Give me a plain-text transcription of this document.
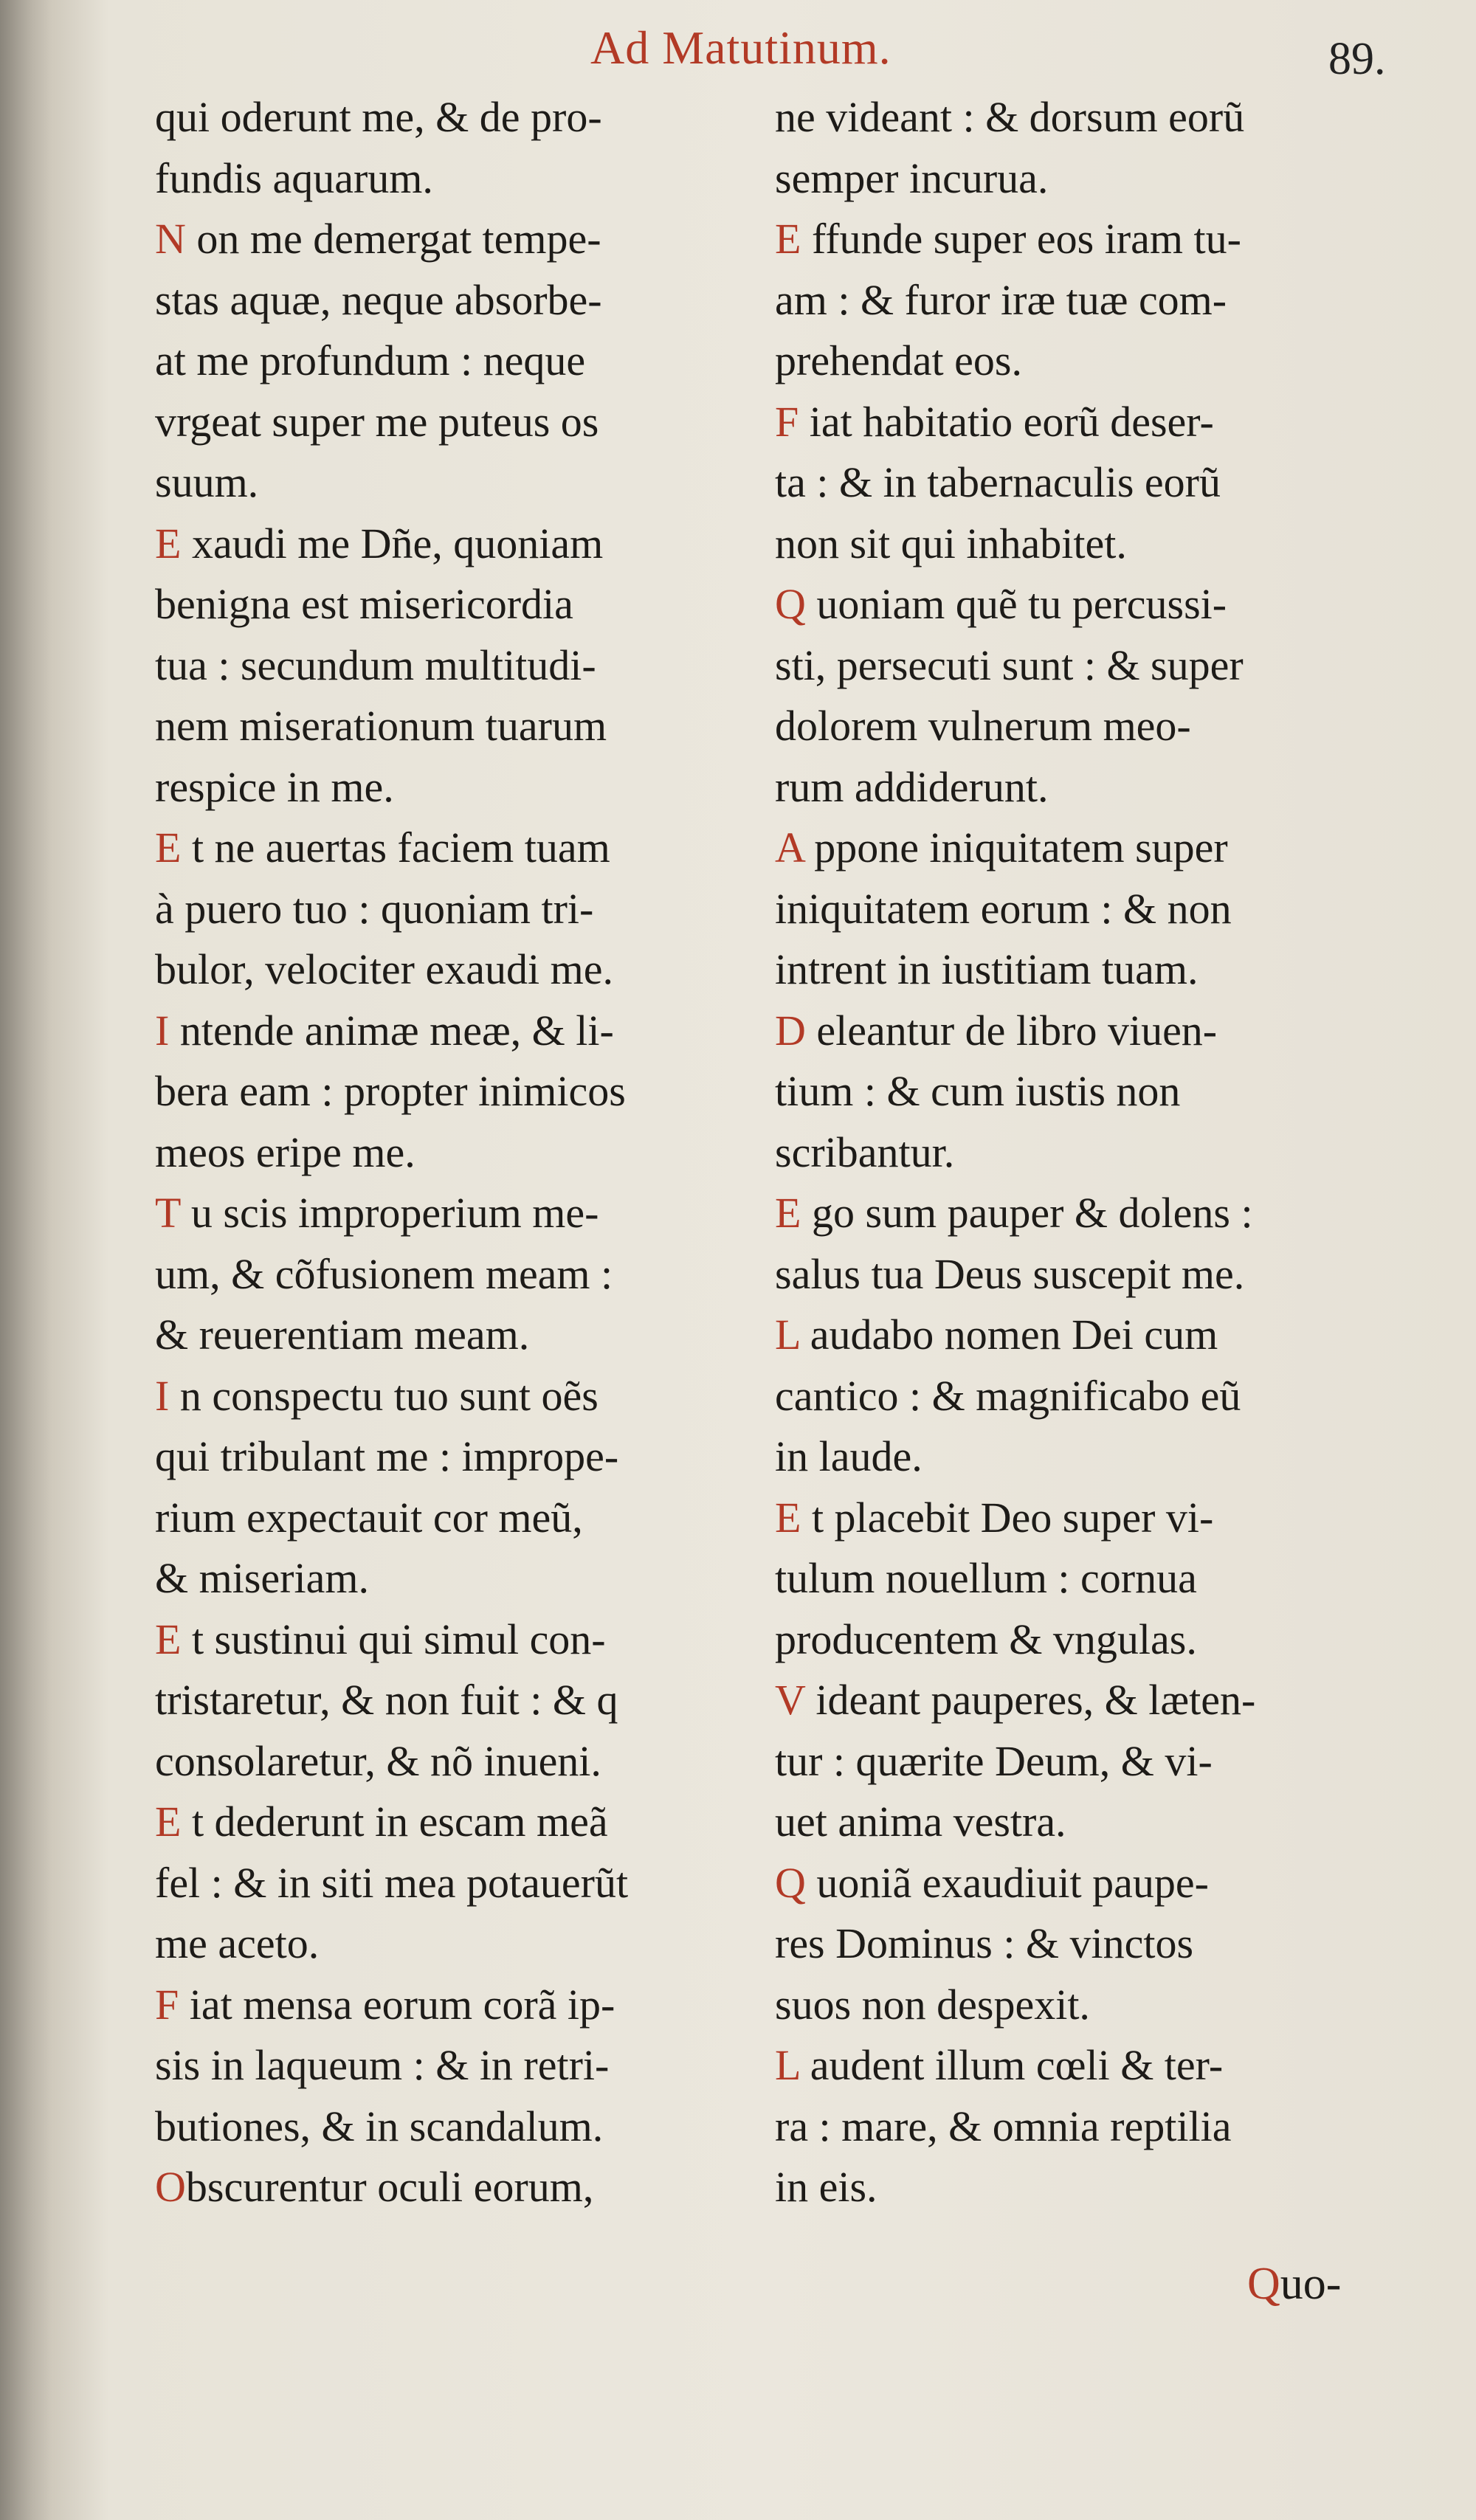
Ad Matutinum.	89.
qui oderunt me, & de pro-
fundis aquarum.
N on me demergat tempe-
stas aquæ, neque absorbe-
at me profundum : neque
vrgeat super me puteus os
suum.
E xaudi me Dñe, quoniam
benigna est misericordia
tua : secundum multitudi-
nem miserationum tuarum
respice in me.
E t ne auertas faciem tuam
à puero tuo : quoniam tri-
bulor, velociter exaudi me.
I ntende animæ meæ, & li-
bera eam : propter inimicos
meos eripe me.
T u scis improperium me-
um, & cõfusionem meam :
& reuerentiam meam.
I n conspectu tuo sunt oẽs
qui tribulant me : imprope-
rium expectauit cor meũ,
& miseriam.
E t sustinui qui simul con-
tristaretur, & non fuit : & q
consolaretur, & nõ inueni.
E t dederunt in escam meã
fel : & in siti mea potauerũt
me aceto.
F iat mensa eorum corã ip-
sis in laqueum : & in retri-
butiones, & in scandalum.
Obscurentur oculi eorum,
ne videant : & dorsum eorũ
semper incurua.
E ffunde super eos iram tu-
am : & furor iræ tuæ com-
prehendat eos.
F iat habitatio eorũ deser-
ta : & in tabernaculis eorũ
non sit qui inhabitet.
Q uoniam quẽ tu percussi-
sti, persecuti sunt : & super
dolorem vulnerum meo-
rum addiderunt.
A ppone iniquitatem super
iniquitatem eorum : & non
intrent in iustitiam tuam.
D eleantur de libro viuen-
tium : & cum iustis non
scribantur.
E go sum pauper & dolens :
salus tua Deus suscepit me.
L audabo nomen Dei cum
cantico : & magnificabo eũ
in laude.
E t placebit Deo super vi-
tulum nouellum : cornua
producentem & vngulas.
V ideant pauperes, & læten-
tur : quærite Deum, & vi-
uet anima vestra.
Q uoniã exaudiuit paupe-
res Dominus : & vinctos
suos non despexit.
L audent illum cœli & ter-
ra : mare, & omnia reptilia
in eis.
Quo-
